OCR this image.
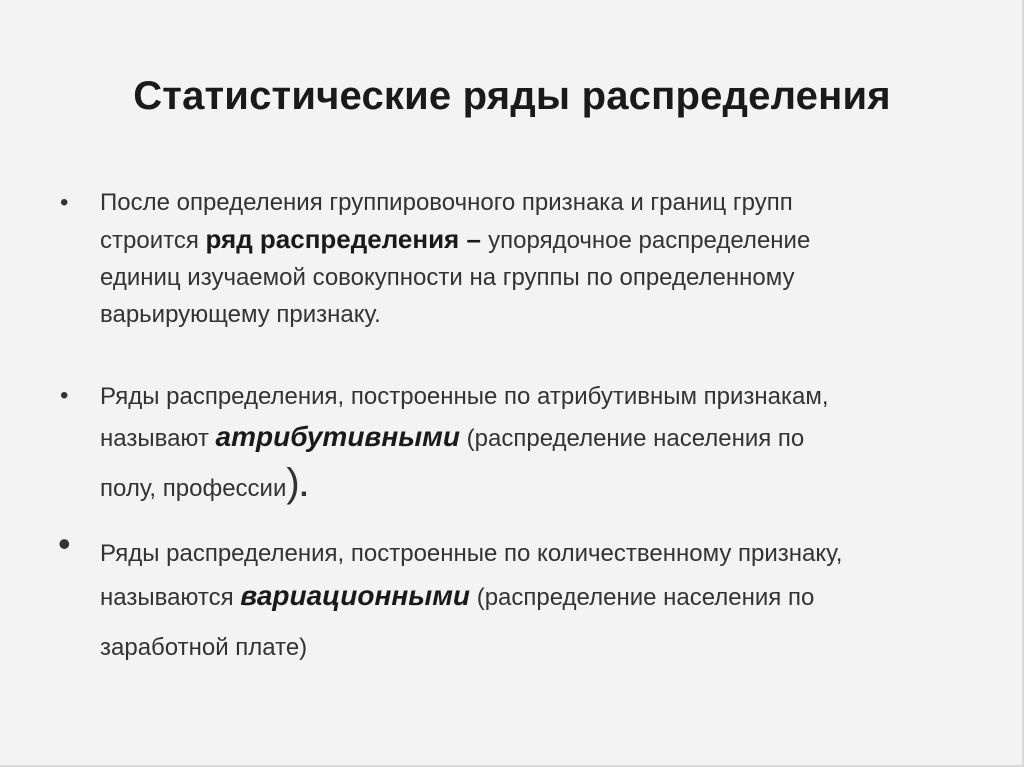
Статистические ряды распределения
• После определения группировочного признака и границ групп
строится ряд распределения – упорядочное распределение
единиц изучаемой совокупности на группы по определенному
варьирующему признаку.
• Ряды распределения, построенные по атрибутивным признакам,
называют атрибутивными (распределение населения по
полу, профессии).
• Ряды распределения, построенные по количественному признаку,
называются вариационными (распределение населения по
заработной плате)
